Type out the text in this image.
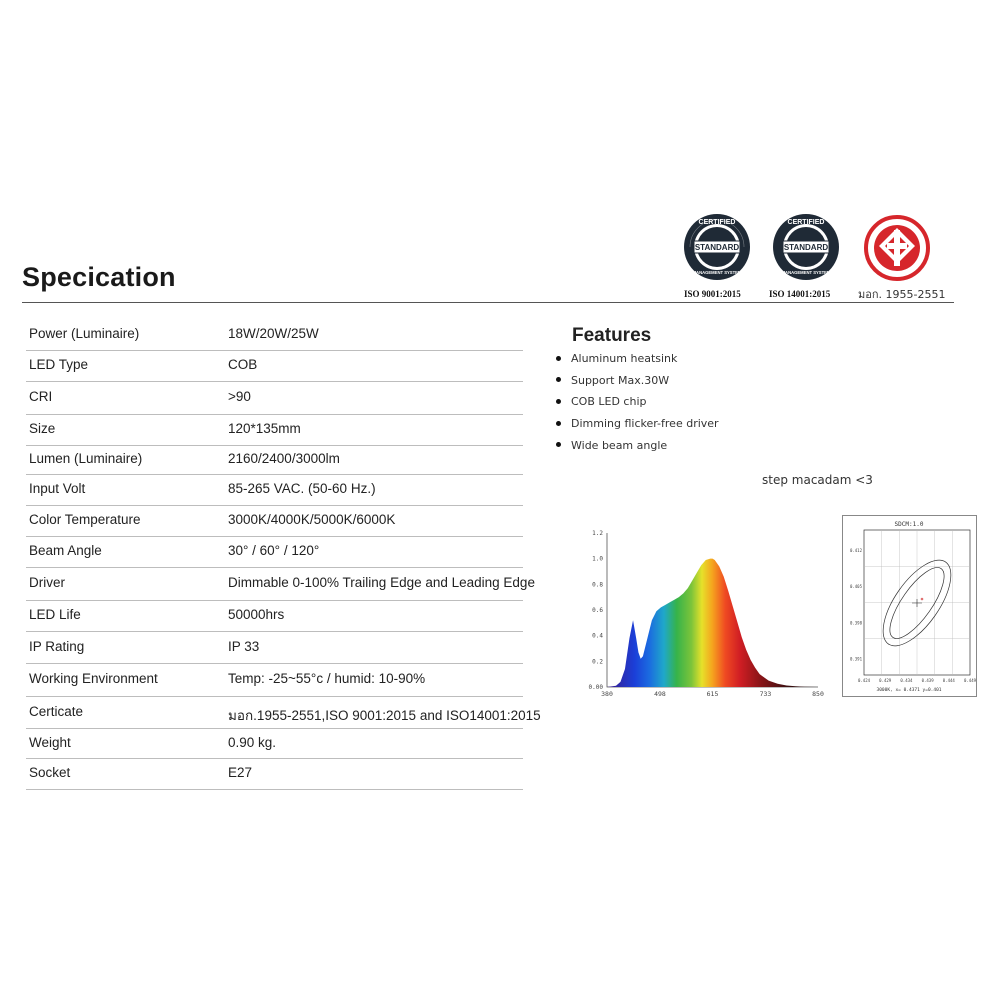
Specication
STANDARD
CERTIFIED
MANAGEMENT SYSTEM
ISO 9001:2015
STANDARD
CERTIFIED
MANAGEMENT SYSTEM
ISO 14001:2015	มอก. 1955-2551
Power (Luminaire)	18W/20W/25W
LED Type	COB
CRI	>90
Size	120*135mm
Lumen (Luminaire)	2160/2400/3000lm
Input Volt	85-265 VAC. (50-60 Hz.)
Color Temperature	3000K/4000K/5000K/6000K
Beam Angle	30° / 60° / 120°
Driver	Dimmable 0-100% Trailing Edge and Leading Edge
LED Life	50000hrs
IP Rating	IP 33
Working Environment	Temp: -25~55°c / humid: 10-90%
Certicate	มอก.1955-2551,ISO 9001:2015 and ISO14001:2015
Weight	0.90 kg.
Socket	E27
Features
Aluminum heatsink
Support Max.30W
COB LED chip
Dimming flicker-free driver
Wide beam angle
step macadam <3
0.00
0.2
0.4
0.6
0.8
1.0
1.2
380	498	615	733	850
SDCM:1.0
0.424 0.429 0.434 0.439 0.444 0.449
0.412
0.405
0.398
0.391
3000K, x= 0.4371 y=0.401
